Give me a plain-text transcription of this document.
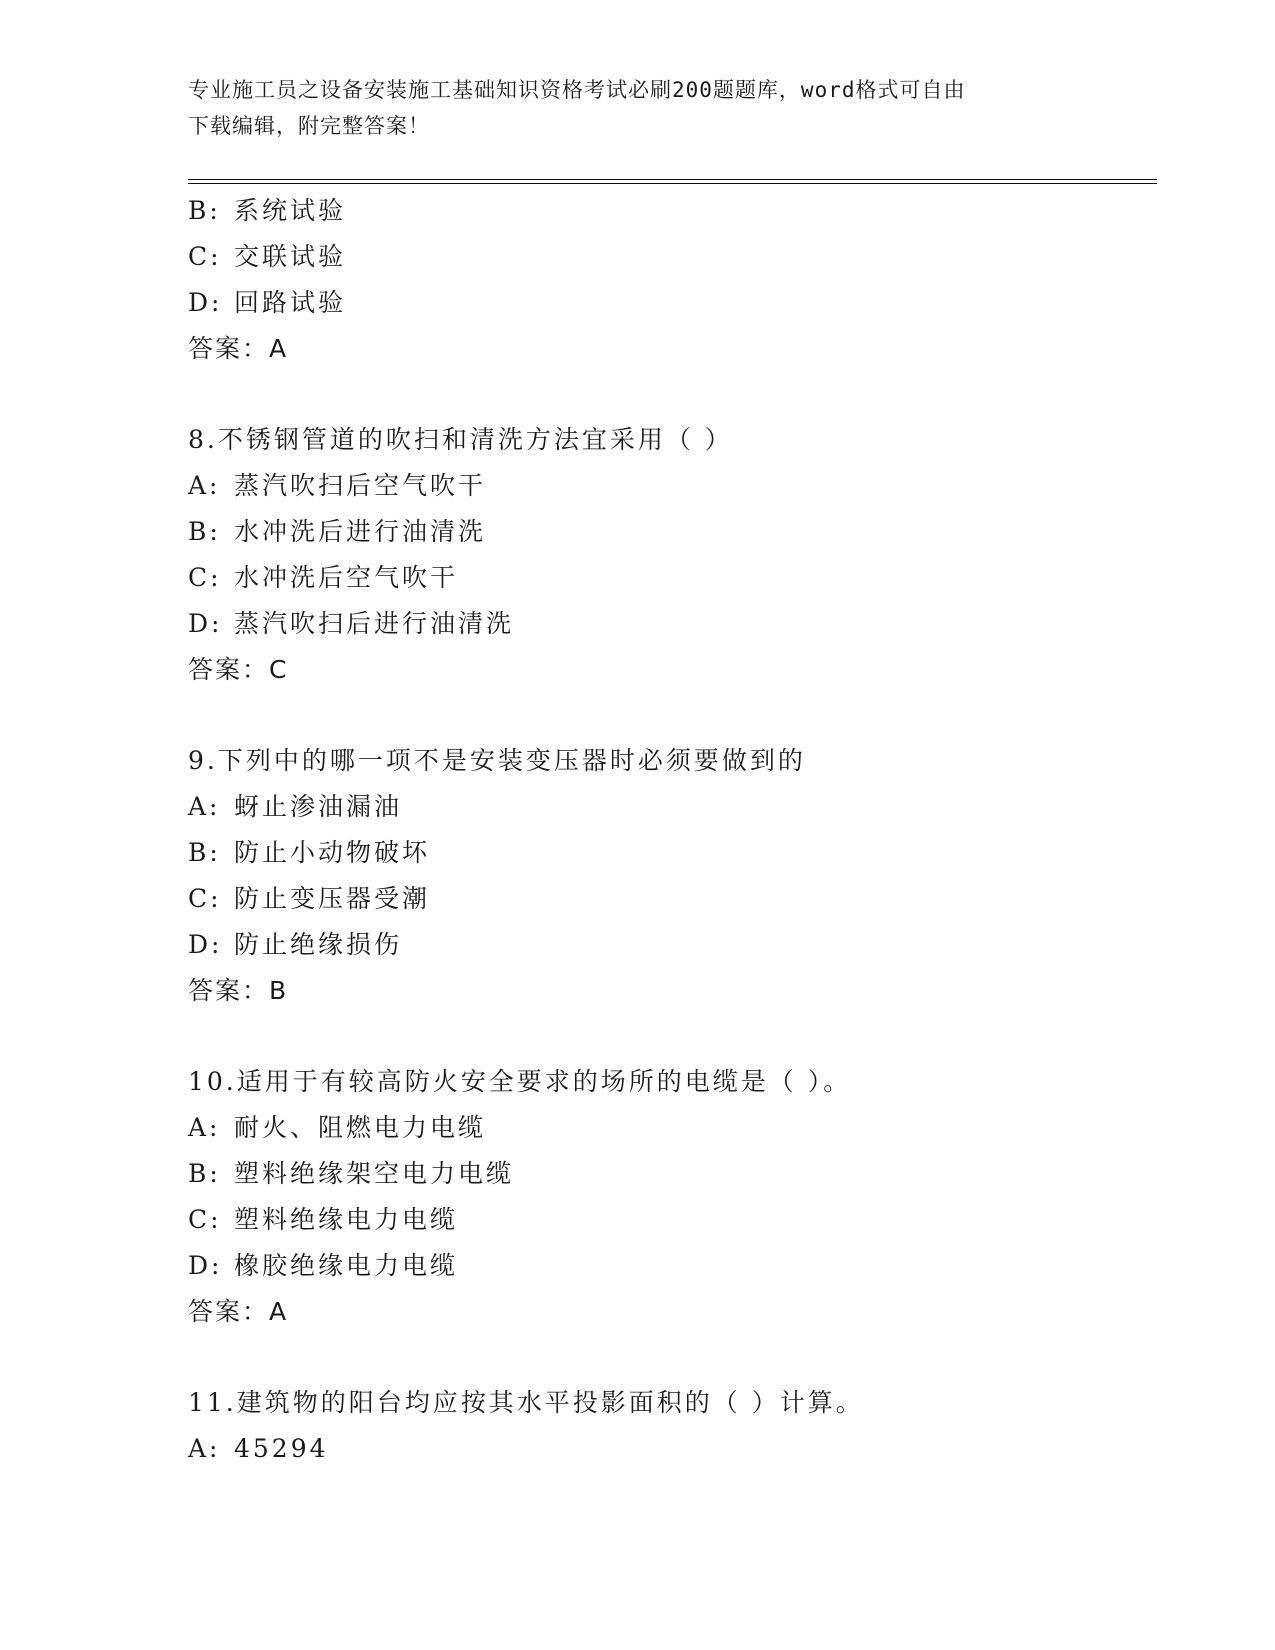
专业施工员之设备安装施工基础知识资格考试必刷200题题库，word格式可自由
下载编辑，附完整答案！
B: 系统试验
C: 交联试验
D: 回路试验
答案：A
8.不锈钢管道的吹扫和清洗方法宜采用（ ）
A: 蒸汽吹扫后空气吹干
B: 水冲洗后进行油清洗
C: 水冲洗后空气吹干
D: 蒸汽吹扫后进行油清洗
答案：C
9.下列中的哪一项不是安装变压器时必须要做到的
A: 蚜止渗油漏油
B: 防止小动物破坏
C: 防止变压器受潮
D: 防止绝缘损伤
答案：B
10.适用于有较高防火安全要求的场所的电缆是（ ）。
A: 耐火、阻燃电力电缆
B: 塑料绝缘架空电力电缆
C: 塑料绝缘电力电缆
D: 橡胶绝缘电力电缆
答案：A
11.建筑物的阳台均应按其水平投影面积的（ ）计算。
A: 45294
